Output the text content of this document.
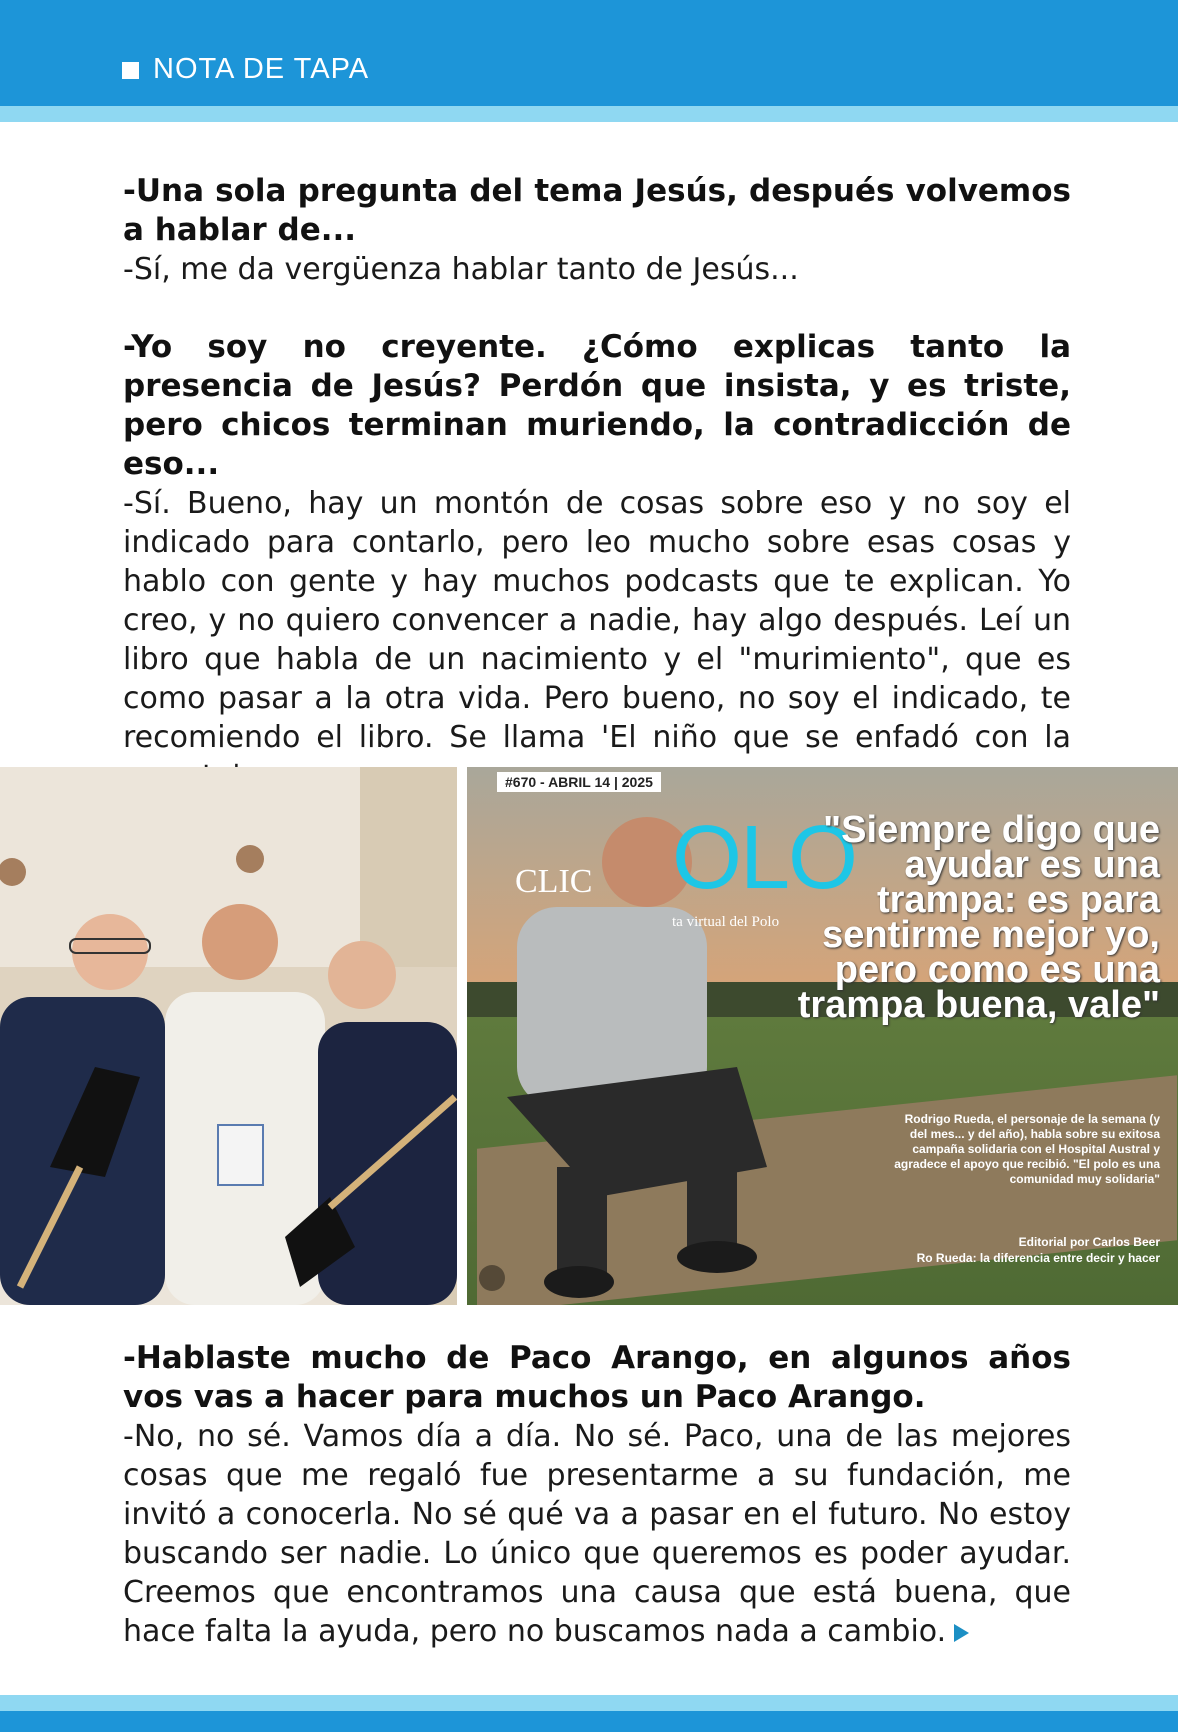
NOTA DE TAPA

-Una sola pregunta del tema Jesús, después volvemos a hablar de...

-Sí, me da vergüenza hablar tanto de Jesús...

-Yo soy no creyente. ¿Cómo explicas tanto la presencia de Jesús? Perdón que insista, y es triste, pero chicos terminan muriendo, la contradicción de eso...

-Sí. Bueno, hay un montón de cosas sobre eso y no soy el indicado para contarlo, pero leo mucho sobre esas cosas y hablo con gente y hay muchos podcasts que te explican. Yo creo, y no quiero convencer a nadie, hay algo después. Leí un libro que habla de un nacimiento y el "murimiento", que es como pasar a la otra vida. Pero bueno, no soy el indicado, te recomiendo el libro. Se llama 'El niño que se enfadó con la

#670 - ABRIL 14 | 2025
CLIC OLO
ta virtual del Polo
"Siempre digo que ayudar es una trampa: es para sentirme mejor yo, pero como es una trampa buena, vale"
Rodrigo Rueda, el personaje de la semana (y del mes... y del año), habla sobre su exitosa campaña solidaria con el Hospital Austral y agradece el apoyo que recibió. "El polo es una comunidad muy solidaria"
Editorial por Carlos Beer
Ro Rueda: la diferencia entre decir y hacer

-Hablaste mucho de Paco Arango, en algunos años vos vas a hacer para muchos un Paco Arango.

-No, no sé. Vamos día a día. No sé. Paco, una de las mejores cosas que me regaló fue presentarme a su fundación, me invitó a conocerla. No sé qué va a pasar en el futuro. No estoy buscando ser nadie. Lo único que queremos es poder ayudar. Creemos que encontramos una causa que está buena, que hace falta la ayuda, pero no buscamos nada a cambio.
